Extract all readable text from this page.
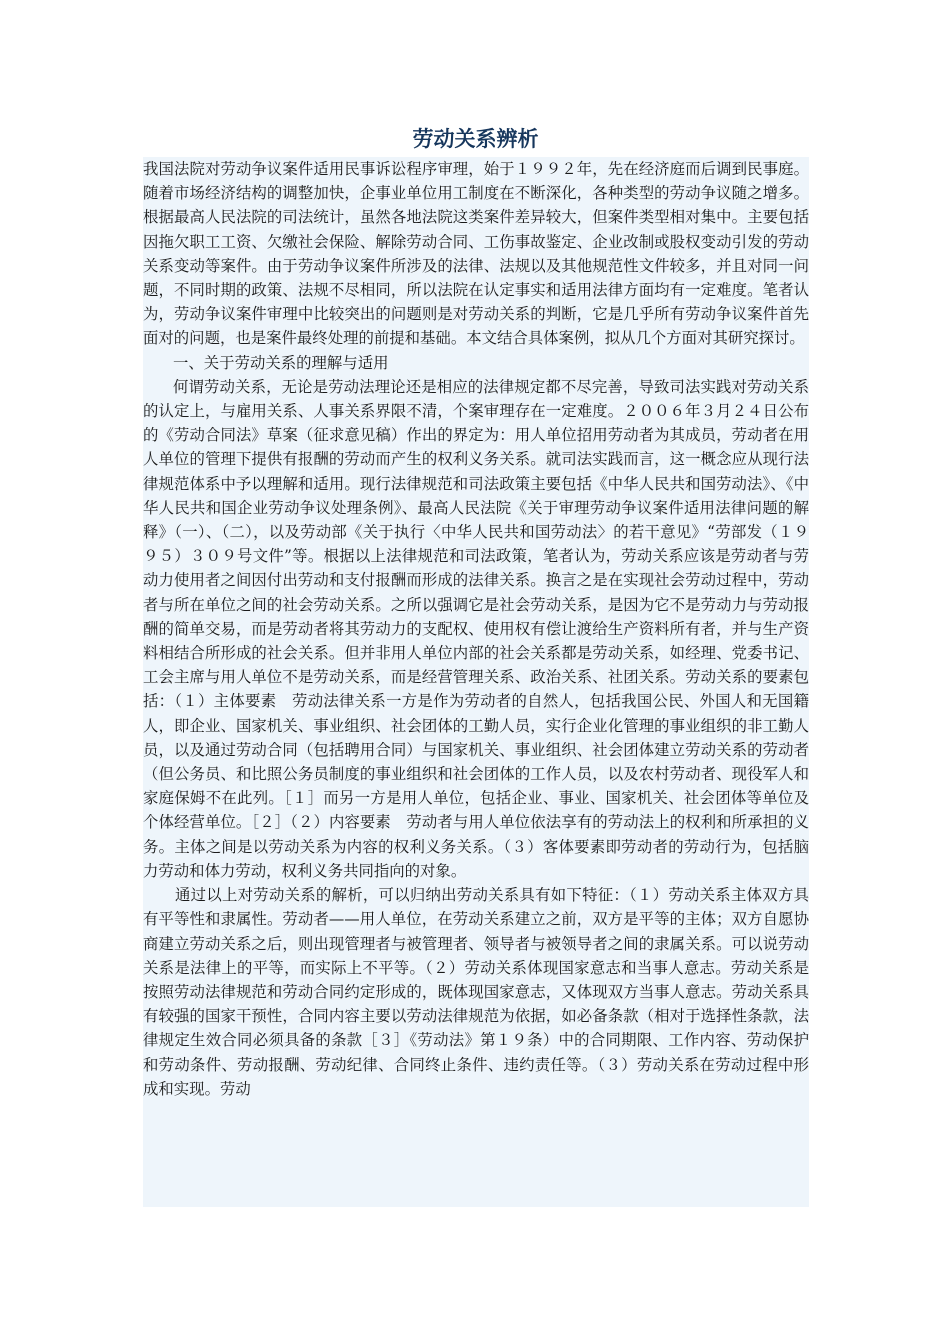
劳动关系辨析

我国法院对劳动争议案件适用民事诉讼程序审理，始于１９９２年，先在经济庭而后调到民事庭。随着市场经济结构的调整加快，企事业单位用工制度在不断深化，各种类型的劳动争议随之增多。根据最高人民法院的司法统计，虽然各地法院这类案件差异较大，但案件类型相对集中。主要包括因拖欠职工工资、欠缴社会保险、解除劳动合同、工伤事故鉴定、企业改制或股权变动引发的劳动关系变动等案件。由于劳动争议案件所涉及的法律、法规以及其他规范性文件较多，并且对同一问题，不同时期的政策、法规不尽相同，所以法院在认定事实和适用法律方面均有一定难度。笔者认为，劳动争议案件审理中比较突出的问题则是对劳动关系的判断，它是几乎所有劳动争议案件首先面对的问题，也是案件最终处理的前提和基础。本文结合具体案例，拟从几个方面对其研究探讨。

一、关于劳动关系的理解与适用

何谓劳动关系，无论是劳动法理论还是相应的法律规定都不尽完善，导致司法实践对劳动关系的认定上，与雇用关系、人事关系界限不清，个案审理存在一定难度。２００６年３月２４日公布的《劳动合同法》草案（征求意见稿）作出的界定为：用人单位招用劳动者为其成员，劳动者在用人单位的管理下提供有报酬的劳动而产生的权利义务关系。就司法实践而言，这一概念应从现行法律规范体系中予以理解和适用。现行法律规范和司法政策主要包括《中华人民共和国劳动法》、《中华人民共和国企业劳动争议处理条例》、最高人民法院《关于审理劳动争议案件适用法律问题的解释》（一）、（二），以及劳动部《关于执行〈中华人民共和国劳动法〉的若干意见》“劳部发（１９９５）３０９号文件”等。根据以上法律规范和司法政策，笔者认为，劳动关系应该是劳动者与劳动力使用者之间因付出劳动和支付报酬而形成的法律关系。换言之是在实现社会劳动过程中，劳动者与所在单位之间的社会劳动关系。之所以强调它是社会劳动关系，是因为它不是劳动力与劳动报酬的简单交易，而是劳动者将其劳动力的支配权、使用权有偿让渡给生产资料所有者，并与生产资料相结合所形成的社会关系。但并非用人单位内部的社会关系都是劳动关系，如经理、党委书记、工会主席与用人单位不是劳动关系，而是经营管理关系、政治关系、社团关系。劳动关系的要素包括：（１）主体要素　劳动法律关系一方是作为劳动者的自然人，包括我国公民、外国人和无国籍人，即企业、国家机关、事业组织、社会团体的工勤人员，实行企业化管理的事业组织的非工勤人员，以及通过劳动合同（包括聘用合同）与国家机关、事业组织、社会团体建立劳动关系的劳动者（但公务员、和比照公务员制度的事业组织和社会团体的工作人员，以及农村劳动者、现役军人和家庭保姆不在此列。［１］而另一方是用人单位，包括企业、事业、国家机关、社会团体等单位及个体经营单位。［２］（２）内容要素　劳动者与用人单位依法享有的劳动法上的权利和所承担的义务。主体之间是以劳动关系为内容的权利义务关系。（３）客体要素即劳动者的劳动行为，包括脑力劳动和体力劳动，权利义务共同指向的对象。

通过以上对劳动关系的解析，可以归纳出劳动关系具有如下特征：（１）劳动关系主体双方具有平等性和隶属性。劳动者——用人单位，在劳动关系建立之前，双方是平等的主体；双方自愿协商建立劳动关系之后，则出现管理者与被管理者、领导者与被领导者之间的隶属关系。可以说劳动关系是法律上的平等，而实际上不平等。（２）劳动关系体现国家意志和当事人意志。劳动关系是按照劳动法律规范和劳动合同约定形成的，既体现国家意志，又体现双方当事人意志。劳动关系具有较强的国家干预性，合同内容主要以劳动法律规范为依据，如必备条款（相对于选择性条款，法律规定生效合同必须具备的条款［３］《劳动法》第１９条）中的合同期限、工作内容、劳动保护和劳动条件、劳动报酬、劳动纪律、合同终止条件、违约责任等。（３）劳动关系在劳动过程中形成和实现。劳动
